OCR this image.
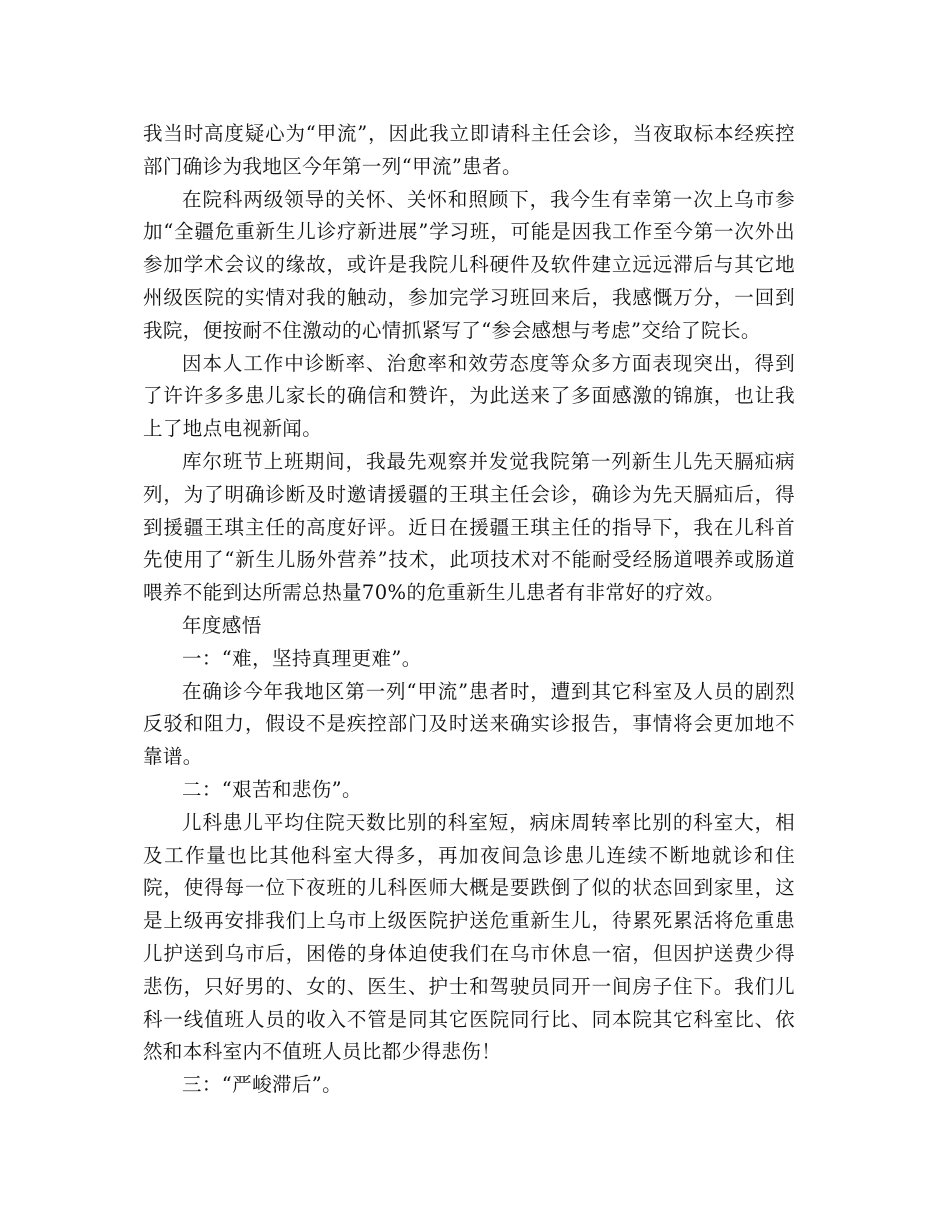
我当时高度疑心为“甲流”，因此我立即请科主任会诊，当夜取标本经疾控部门确诊为我地区今年第一列“甲流”患者。

在院科两级领导的关怀、关怀和照顾下，我今生有幸第一次上乌市参加“全疆危重新生儿诊疗新进展”学习班，可能是因我工作至今第一次外出参加学术会议的缘故，或许是我院儿科硬件及软件建立远远滞后与其它地州级医院的实情对我的触动，参加完学习班回来后，我感慨万分，一回到我院，便按耐不住激动的心情抓紧写了“参会感想与考虑”交给了院长。

因本人工作中诊断率、治愈率和效劳态度等众多方面表现突出，得到了许许多多患儿家长的确信和赞许，为此送来了多面感激的锦旗，也让我上了地点电视新闻。

库尔班节上班期间，我最先观察并发觉我院第一列新生儿先天膈疝病列，为了明确诊断及时邀请援疆的王琪主任会诊，确诊为先天膈疝后，得到援疆王琪主任的高度好评。近日在援疆王琪主任的指导下，我在儿科首先使用了“新生儿肠外营养”技术，此项技术对不能耐受经肠道喂养或肠道喂养不能到达所需总热量70%的危重新生儿患者有非常好的疗效。

年度感悟

一：“难，坚持真理更难”。

在确诊今年我地区第一列“甲流”患者时，遭到其它科室及人员的剧烈反驳和阻力，假设不是疾控部门及时送来确实诊报告，事情将会更加地不靠谱。

二：“艰苦和悲伤”。

儿科患儿平均住院天数比别的科室短，病床周转率比别的科室大，相及工作量也比其他科室大得多，再加夜间急诊患儿连续不断地就诊和住院，使得每一位下夜班的儿科医师大概是要跌倒了似的状态回到家里，这是上级再安排我们上乌市上级医院护送危重新生儿，待累死累活将危重患儿护送到乌市后，困倦的身体迫使我们在乌市休息一宿，但因护送费少得悲伤，只好男的、女的、医生、护士和驾驶员同开一间房子住下。我们儿科一线值班人员的收入不管是同其它医院同行比、同本院其它科室比、依然和本科室内不值班人员比都少得悲伤！

三：“严峻滞后”。
